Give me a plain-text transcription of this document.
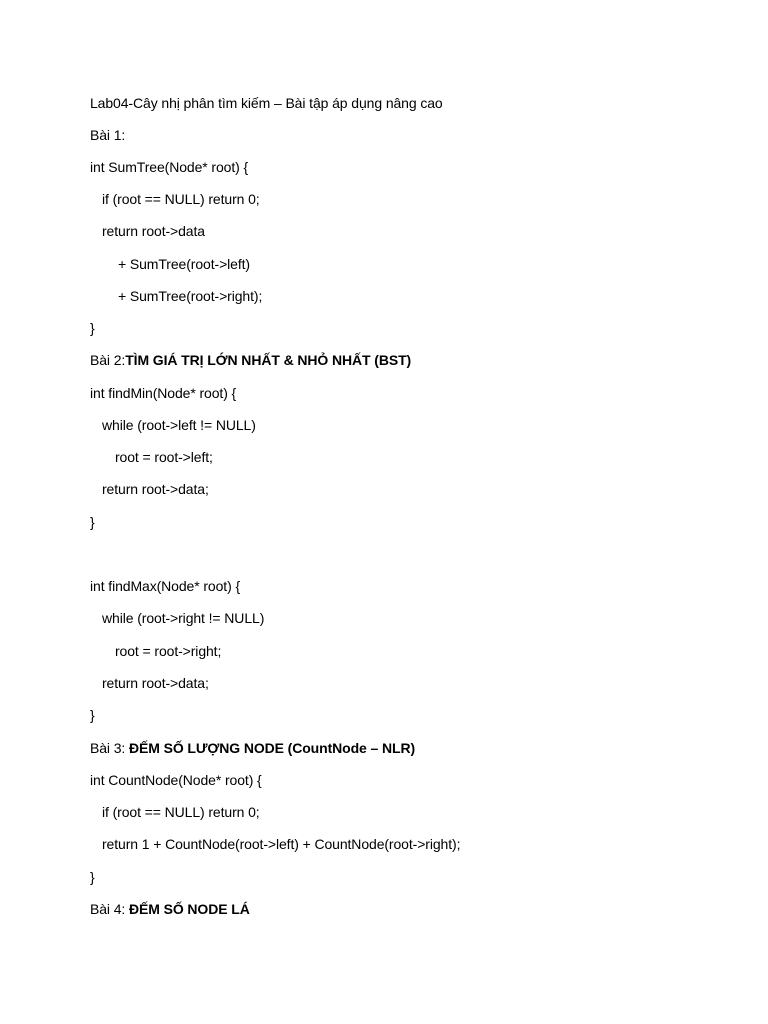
Lab04-Cây nhị phân tìm kiếm – Bài tập áp dụng nâng cao
Bài 1:
int SumTree(Node* root) {
if (root == NULL) return 0;
return root->data
+ SumTree(root->left)
+ SumTree(root->right);
}
Bài 2:TÌM GIÁ TRỊ LỚN NHẤT & NHỎ NHẤT (BST)
int findMin(Node* root) {
while (root->left != NULL)
root = root->left;
return root->data;
}
int findMax(Node* root) {
while (root->right != NULL)
root = root->right;
return root->data;
}
Bài 3: ĐẾM SỐ LƯỢNG NODE (CountNode – NLR)
int CountNode(Node* root) {
if (root == NULL) return 0;
return 1 + CountNode(root->left) + CountNode(root->right);
}
Bài 4: ĐẾM SỐ NODE LÁ
